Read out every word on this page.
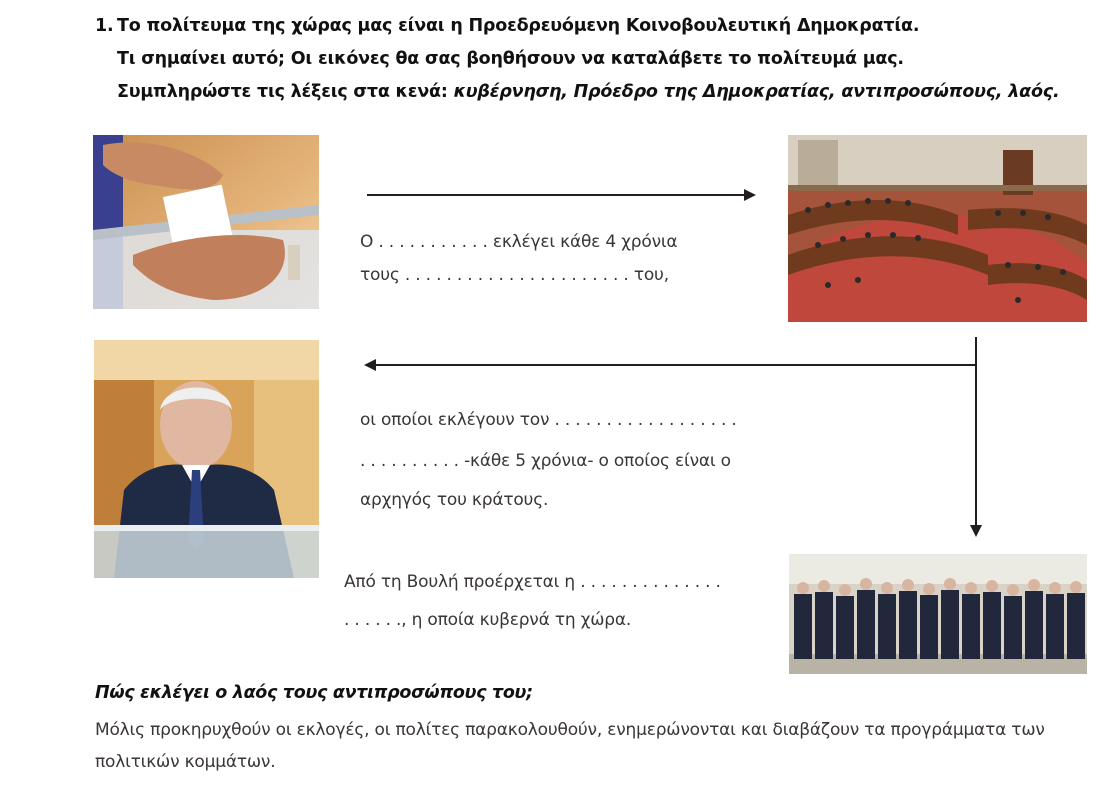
1. Το πολίτευμα της χώρας μας είναι η Προεδρευόμενη Κοινοβουλευτική Δημοκρατία.
Τι σημαίνει αυτό; Οι εικόνες θα σας βοηθήσουν να καταλάβετε το πολίτευμά μας.
Συμπληρώστε τις λέξεις στα κενά: κυβέρνηση, Πρόεδρο της Δημοκρατίας, αντιπροσώπους, λαός.
Ο . . . . . . . . . . . εκλέγει κάθε 4 χρόνια
τους . . . . . . . . . . . . . . . . . . . . . . του,
οι οποίοι εκλέγουν τον . . . . . . . . . . . . . . . . . .
. . . . . . . . . . -κάθε 5 χρόνια- ο οποίος είναι ο
αρχηγός του κράτους.
Από τη Βουλή προέρχεται η . . . . . . . . . . . . . .
. . . . . ., η οποία κυβερνά τη χώρα.
Πώς εκλέγει ο λαός τους αντιπροσώπους του;
Μόλις προκηρυχθούν οι εκλογές, οι πολίτες παρακολουθούν, ενημερώνονται και διαβάζουν τα προγράμματα των πολιτικών κομμάτων.
